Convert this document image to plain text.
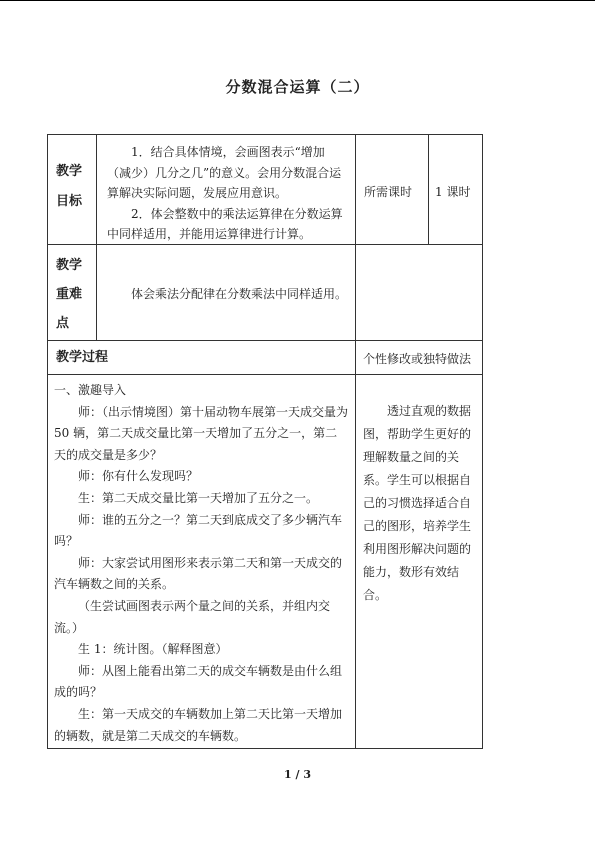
分数混合运算（二）

教学

目标

1．结合具体情境，会画图表示“增加（减少）几分之几”的意义。会用分数混合运算解决实际问题，发展应用意识。

2．体会整数中的乘法运算律在分数运算中同样适用，并能用运算律进行计算。

所需课时	1 课时

教学

重难

点

体会乘法分配律在分数乘法中同样适用。

教学过程	个性修改或独特做法

一、激趣导入

师：（出示情境图）第十届动物车展第一天成交量为 50 辆，第二天成交量比第一天增加了五分之一，第二天的成交量是多少？

师：你有什么发现吗？

生：第二天成交量比第一天增加了五分之一。

师：谁的五分之一？第二天到底成交了多少辆汽车吗？

师：大家尝试用图形来表示第二天和第一天成交的汽车辆数之间的关系。

（生尝试画图表示两个量之间的关系，并组内交流。）

生 1：统计图。（解释图意）

师：从图上能看出第二天的成交车辆数是由什么组成的吗？

生：第一天成交的车辆数加上第二天比第一天增加的辆数，就是第二天成交的车辆数。

透过直观的数据图，帮助学生更好的理解数量之间的关系。学生可以根据自己的习惯选择适合自己的图形，培养学生利用图形解决问题的能力，数形有效结合。

1 / 3
